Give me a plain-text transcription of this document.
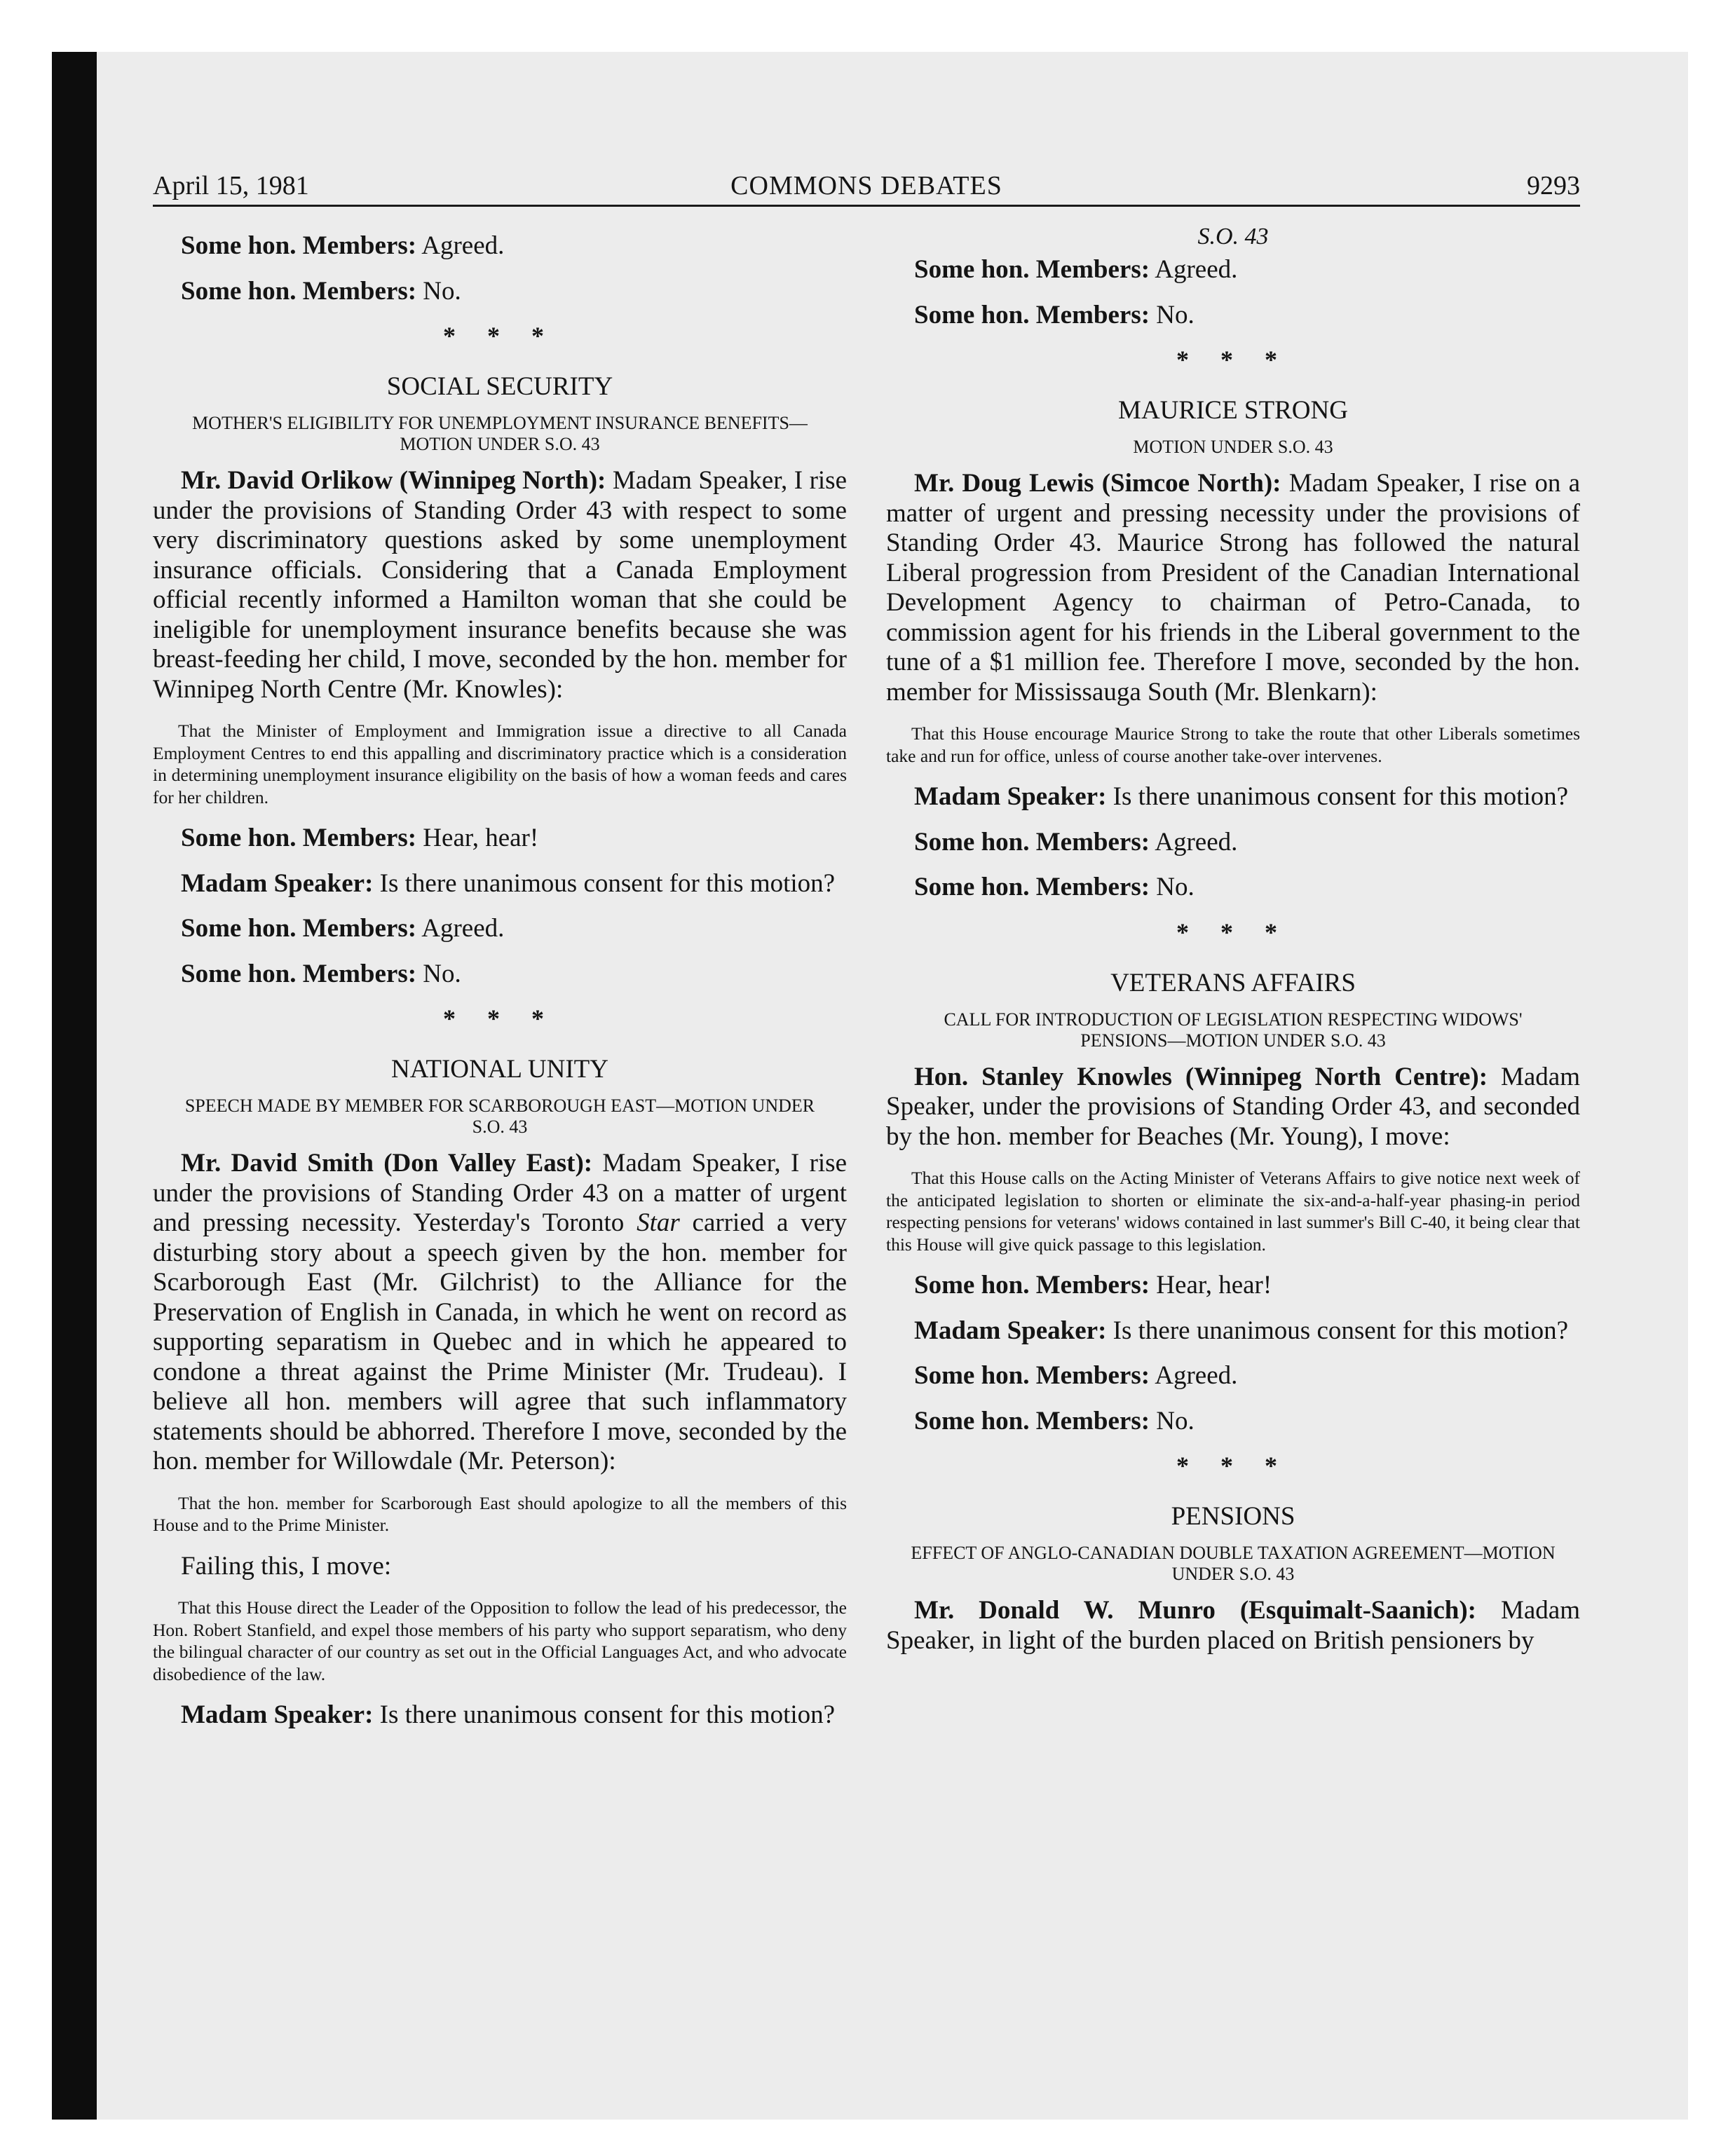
April 15, 1981	COMMONS DEBATES	9293

Some hon. Members: Agreed.

Some hon. Members: No.

* * *
SOCIAL SECURITY
MOTHER'S ELIGIBILITY FOR UNEMPLOYMENT INSURANCE BENEFITS—MOTION UNDER S.O. 43

Mr. David Orlikow (Winnipeg North): Madam Speaker, I rise under the provisions of Standing Order 43 with respect to some very discriminatory questions asked by some unemployment insurance officials. Considering that a Canada Employment official recently informed a Hamilton woman that she could be ineligible for unemployment insurance benefits because she was breast-feeding her child, I move, seconded by the hon. member for Winnipeg North Centre (Mr. Knowles):

That the Minister of Employment and Immigration issue a directive to all Canada Employment Centres to end this appalling and discriminatory practice which is a consideration in determining unemployment insurance eligibility on the basis of how a woman feeds and cares for her children.

Some hon. Members: Hear, hear!

Madam Speaker: Is there unanimous consent for this motion?

Some hon. Members: Agreed.

Some hon. Members: No.

* * *
NATIONAL UNITY
SPEECH MADE BY MEMBER FOR SCARBOROUGH EAST—MOTION UNDER S.O. 43

Mr. David Smith (Don Valley East): Madam Speaker, I rise under the provisions of Standing Order 43 on a matter of urgent and pressing necessity. Yesterday's Toronto Star carried a very disturbing story about a speech given by the hon. member for Scarborough East (Mr. Gilchrist) to the Alliance for the Preservation of English in Canada, in which he went on record as supporting separatism in Quebec and in which he appeared to condone a threat against the Prime Minister (Mr. Trudeau). I believe all hon. members will agree that such inflammatory statements should be abhorred. Therefore I move, seconded by the hon. member for Willowdale (Mr. Peterson):

That the hon. member for Scarborough East should apologize to all the members of this House and to the Prime Minister.

Failing this, I move:

That this House direct the Leader of the Opposition to follow the lead of his predecessor, the Hon. Robert Stanfield, and expel those members of his party who support separatism, who deny the bilingual character of our country as set out in the Official Languages Act, and who advocate disobedience of the law.

Madam Speaker: Is there unanimous consent for this motion?

S.O. 43

Some hon. Members: Agreed.

Some hon. Members: No.

* * *
MAURICE STRONG
MOTION UNDER S.O. 43

Mr. Doug Lewis (Simcoe North): Madam Speaker, I rise on a matter of urgent and pressing necessity under the provisions of Standing Order 43. Maurice Strong has followed the natural Liberal progression from President of the Canadian International Development Agency to chairman of Petro-Canada, to commission agent for his friends in the Liberal government to the tune of a $1 million fee. Therefore I move, seconded by the hon. member for Mississauga South (Mr. Blenkarn):

That this House encourage Maurice Strong to take the route that other Liberals sometimes take and run for office, unless of course another take-over intervenes.

Madam Speaker: Is there unanimous consent for this motion?

Some hon. Members: Agreed.

Some hon. Members: No.

* * *
VETERANS AFFAIRS
CALL FOR INTRODUCTION OF LEGISLATION RESPECTING WIDOWS' PENSIONS—MOTION UNDER S.O. 43

Hon. Stanley Knowles (Winnipeg North Centre): Madam Speaker, under the provisions of Standing Order 43, and seconded by the hon. member for Beaches (Mr. Young), I move:

That this House calls on the Acting Minister of Veterans Affairs to give notice next week of the anticipated legislation to shorten or eliminate the six-and-a-half-year phasing-in period respecting pensions for veterans' widows contained in last summer's Bill C-40, it being clear that this House will give quick passage to this legislation.

Some hon. Members: Hear, hear!

Madam Speaker: Is there unanimous consent for this motion?

Some hon. Members: Agreed.

Some hon. Members: No.

* * *
PENSIONS
EFFECT OF ANGLO-CANADIAN DOUBLE TAXATION AGREEMENT—MOTION UNDER S.O. 43

Mr. Donald W. Munro (Esquimalt-Saanich): Madam Speaker, in light of the burden placed on British pensioners by
